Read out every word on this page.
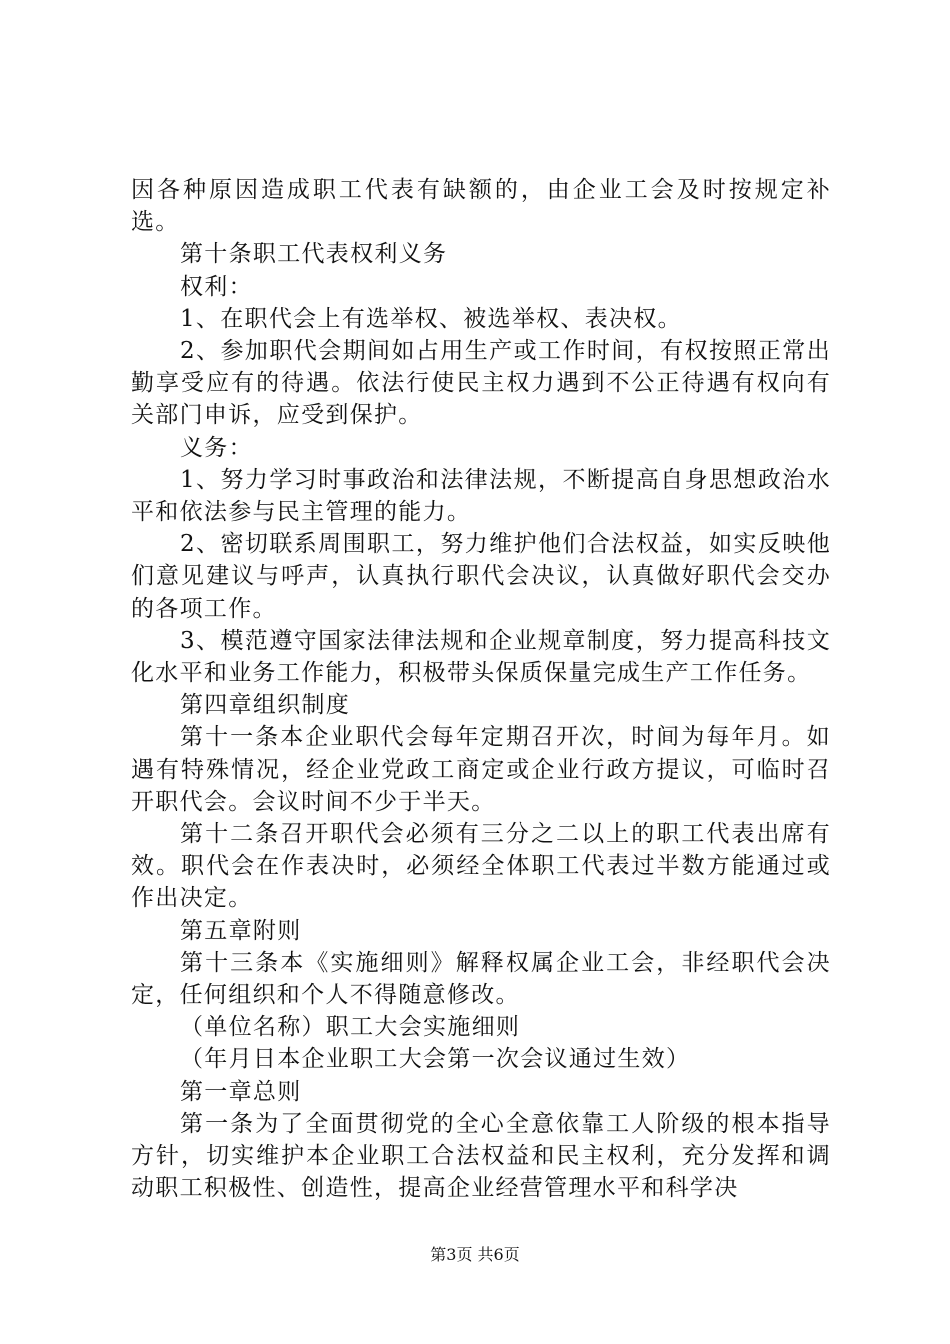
因各种原因造成职工代表有缺额的，由企业工会及时按规定补选。

第十条职工代表权利义务

权利：

1、在职代会上有选举权、被选举权、表决权。

2、参加职代会期间如占用生产或工作时间，有权按照正常出勤享受应有的待遇。依法行使民主权力遇到不公正待遇有权向有关部门申诉，应受到保护。

义务：

1、努力学习时事政治和法律法规，不断提高自身思想政治水平和依法参与民主管理的能力。

2、密切联系周围职工，努力维护他们合法权益，如实反映他们意见建议与呼声，认真执行职代会决议，认真做好职代会交办的各项工作。

3、模范遵守国家法律法规和企业规章制度，努力提高科技文化水平和业务工作能力，积极带头保质保量完成生产工作任务。

第四章组织制度

第十一条本企业职代会每年定期召开次，时间为每年月。如遇有特殊情况，经企业党政工商定或企业行政方提议，可临时召开职代会。会议时间不少于半天。

第十二条召开职代会必须有三分之二以上的职工代表出席有效。职代会在作表决时，必须经全体职工代表过半数方能通过或作出决定。

第五章附则

第十三条本《实施细则》解释权属企业工会，非经职代会决定，任何组织和个人不得随意修改。

（单位名称）职工大会实施细则

（年月日本企业职工大会第一次会议通过生效）

第一章总则

第一条为了全面贯彻党的全心全意依靠工人阶级的根本指导方针，切实维护本企业职工合法权益和民主权利，充分发挥和调动职工积极性、创造性，提高企业经营管理水平和科学决

第3页 共6页
